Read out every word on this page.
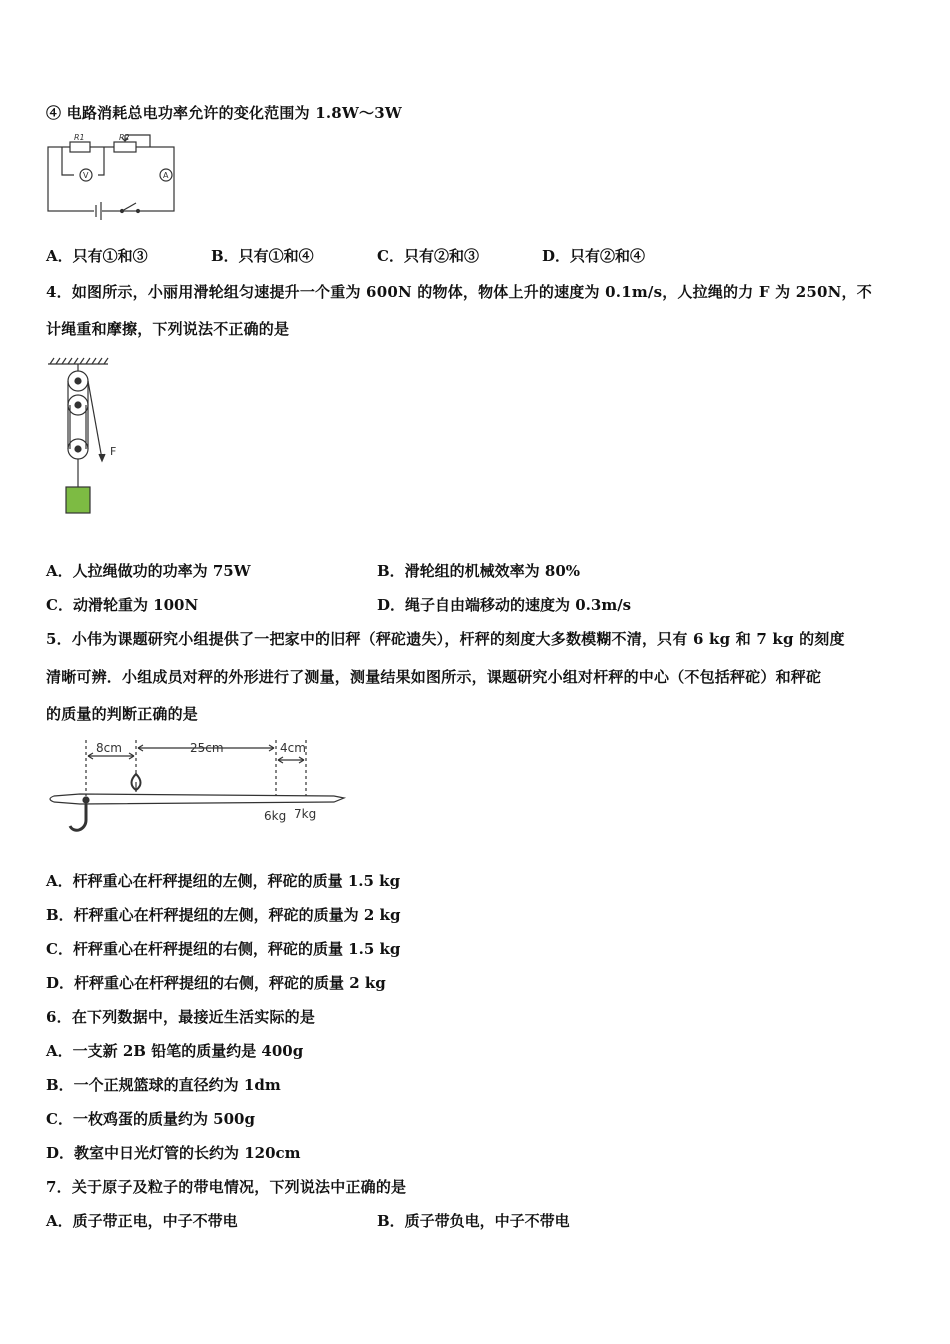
④ 电路消耗总电功率允许的变化范围为 1.8W～3W
R1	R2
V	A
A．只有①和③	B．只有①和④	C．只有②和③	D．只有②和④
4．如图所示，小丽用滑轮组匀速提升一个重为 600N 的物体，物体上升的速度为 0.1m/s，人拉绳的力 F 为 250N，不
计绳重和摩擦，下列说法不正确的是
F
A．人拉绳做功的功率为 75W	B．滑轮组的机械效率为 80%
C．动滑轮重为 100N	D．绳子自由端移动的速度为 0.3m/s
5．小伟为课题研究小组提供了一把家中的旧秤（秤砣遗失），杆秤的刻度大多数模糊不清，只有 6 kg 和 7 kg 的刻度
清晰可辨．小组成员对秤的外形进行了测量，测量结果如图所示，课题研究小组对杆秤的中心（不包括秤砣）和秤砣
的质量的判断正确的是
8cm	25cm	4cm
6kg 7kg
A．杆秤重心在杆秤提纽的左侧，秤砣的质量 1.5 kg
B．杆秤重心在杆秤提纽的左侧，秤砣的质量为 2 kg
C．杆秤重心在杆秤提纽的右侧，秤砣的质量 1.5 kg
D．杆秤重心在杆秤提纽的右侧，秤砣的质量 2 kg
6．在下列数据中，最接近生活实际的是
A．一支新 2B 铅笔的质量约是 400g
B．一个正规篮球的直径约为 1dm
C．一枚鸡蛋的质量约为 500g
D．教室中日光灯管的长约为 120cm
7．关于原子及粒子的带电情况，下列说法中正确的是
A．质子带正电，中子不带电	B．质子带负电，中子不带电
